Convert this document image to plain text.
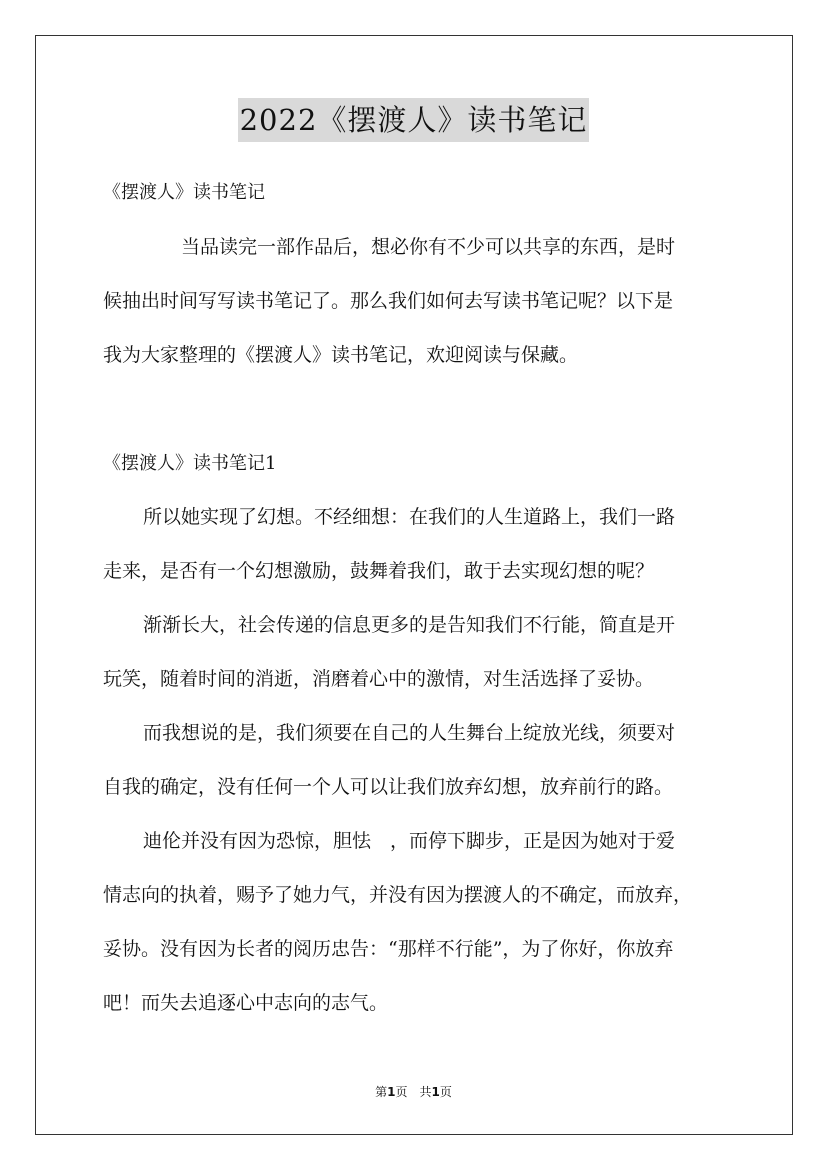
2022《摆渡人》读书笔记
《摆渡人》读书笔记
当品读完一部作品后，想必你有不少可以共享的东西，是时
候抽出时间写写读书笔记了。那么我们如何去写读书笔记呢？以下是
我为大家整理的《摆渡人》读书笔记，欢迎阅读与保藏。
《摆渡人》读书笔记1
所以她实现了幻想。不经细想：在我们的人生道路上，我们一路
走来，是否有一个幻想激励，鼓舞着我们，敢于去实现幻想的呢？
渐渐长大，社会传递的信息更多的是告知我们不行能，简直是开
玩笑，随着时间的消逝，消磨着心中的激情，对生活选择了妥协。
而我想说的是，我们须要在自己的人生舞台上绽放光线，须要对
自我的确定，没有任何一个人可以让我们放弃幻想，放弃前行的路。
迪伦并没有因为恐惊，胆怯　，而停下脚步，正是因为她对于爱
情志向的执着，赐予了她力气，并没有因为摆渡人的不确定，而放弃，
妥协。没有因为长者的阅历忠告：“那样不行能”，为了你好，你放弃
吧！而失去追逐心中志向的志气。
第1页　共1页
